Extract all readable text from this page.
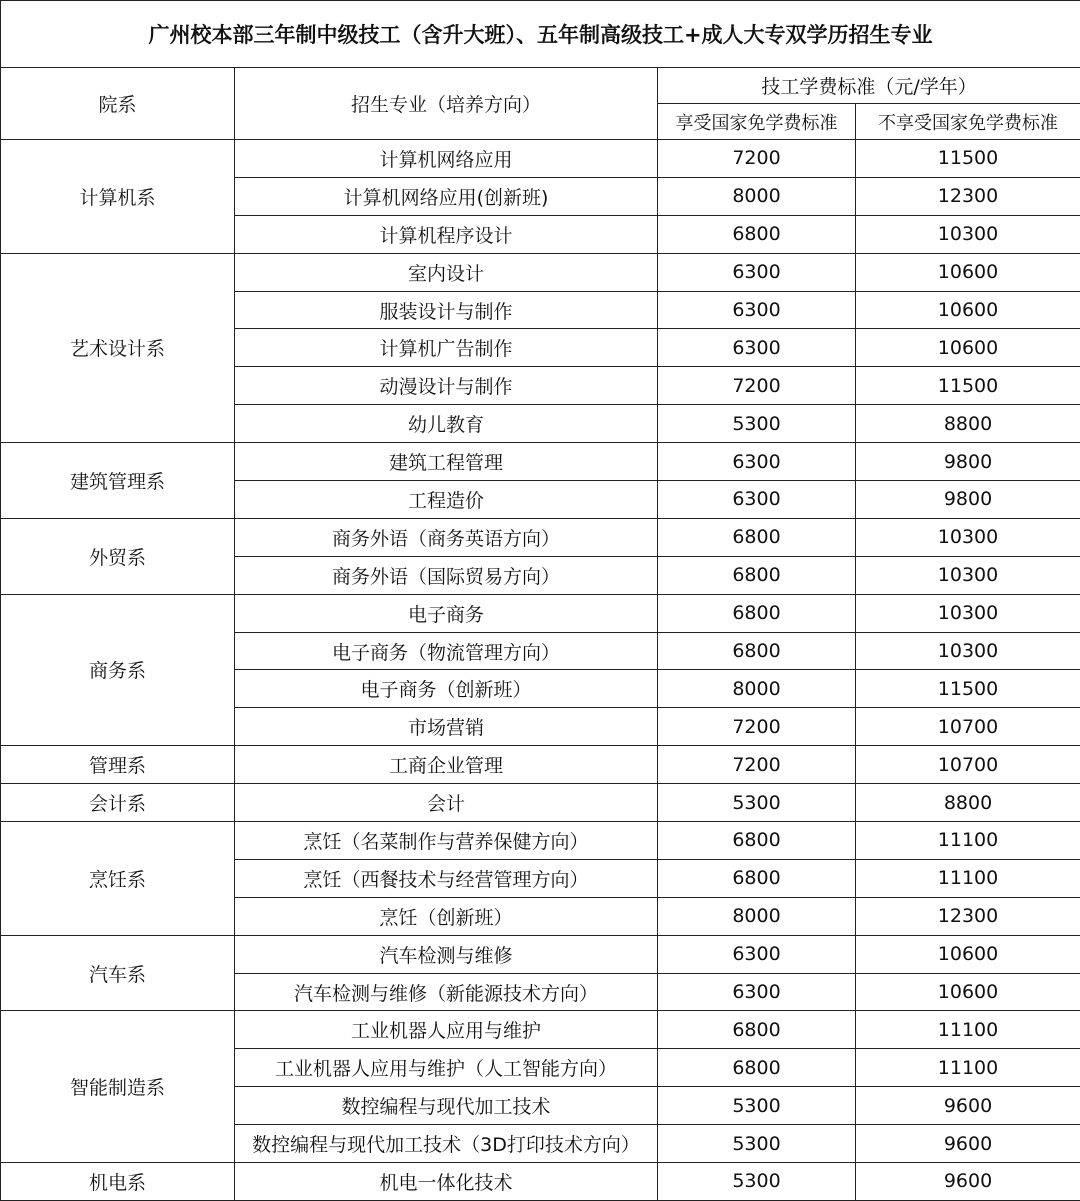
广州校本部三年制中级技工（含升大班）、五年制高级技工+成人大专双学历招生专业			
院系	招生专业（培养方向）	技工学费标准（元/学年）	
		享受国家免学费标准	不享受国家免学费标准
计算机系	计算机网络应用	7200	11500
	计算机网络应用(创新班)	8000	12300
	计算机程序设计	6800	10300
艺术设计系	室内设计	6300	10600
	服装设计与制作	6300	10600
	计算机广告制作	6300	10600
	动漫设计与制作	7200	11500
	幼儿教育	5300	8800
建筑管理系	建筑工程管理	6300	9800
	工程造价	6300	9800
外贸系	商务外语（商务英语方向）	6800	10300
	商务外语（国际贸易方向）	6800	10300
商务系	电子商务	6800	10300
	电子商务（物流管理方向）	6800	10300
	电子商务（创新班）	8000	11500
	市场营销	7200	10700
管理系	工商企业管理	7200	10700
会计系	会计	5300	8800
烹饪系	烹饪（名菜制作与营养保健方向）	6800	11100
	烹饪（西餐技术与经营管理方向）	6800	11100
	烹饪（创新班）	8000	12300
汽车系	汽车检测与维修	6300	10600
	汽车检测与维修（新能源技术方向）	6300	10600
智能制造系	工业机器人应用与维护	6800	11100
	工业机器人应用与维护（人工智能方向）	6800	11100
	数控编程与现代加工技术	5300	9600
	数控编程与现代加工技术（3D打印技术方向）	5300	9600
机电系	机电一体化技术	5300	9600
